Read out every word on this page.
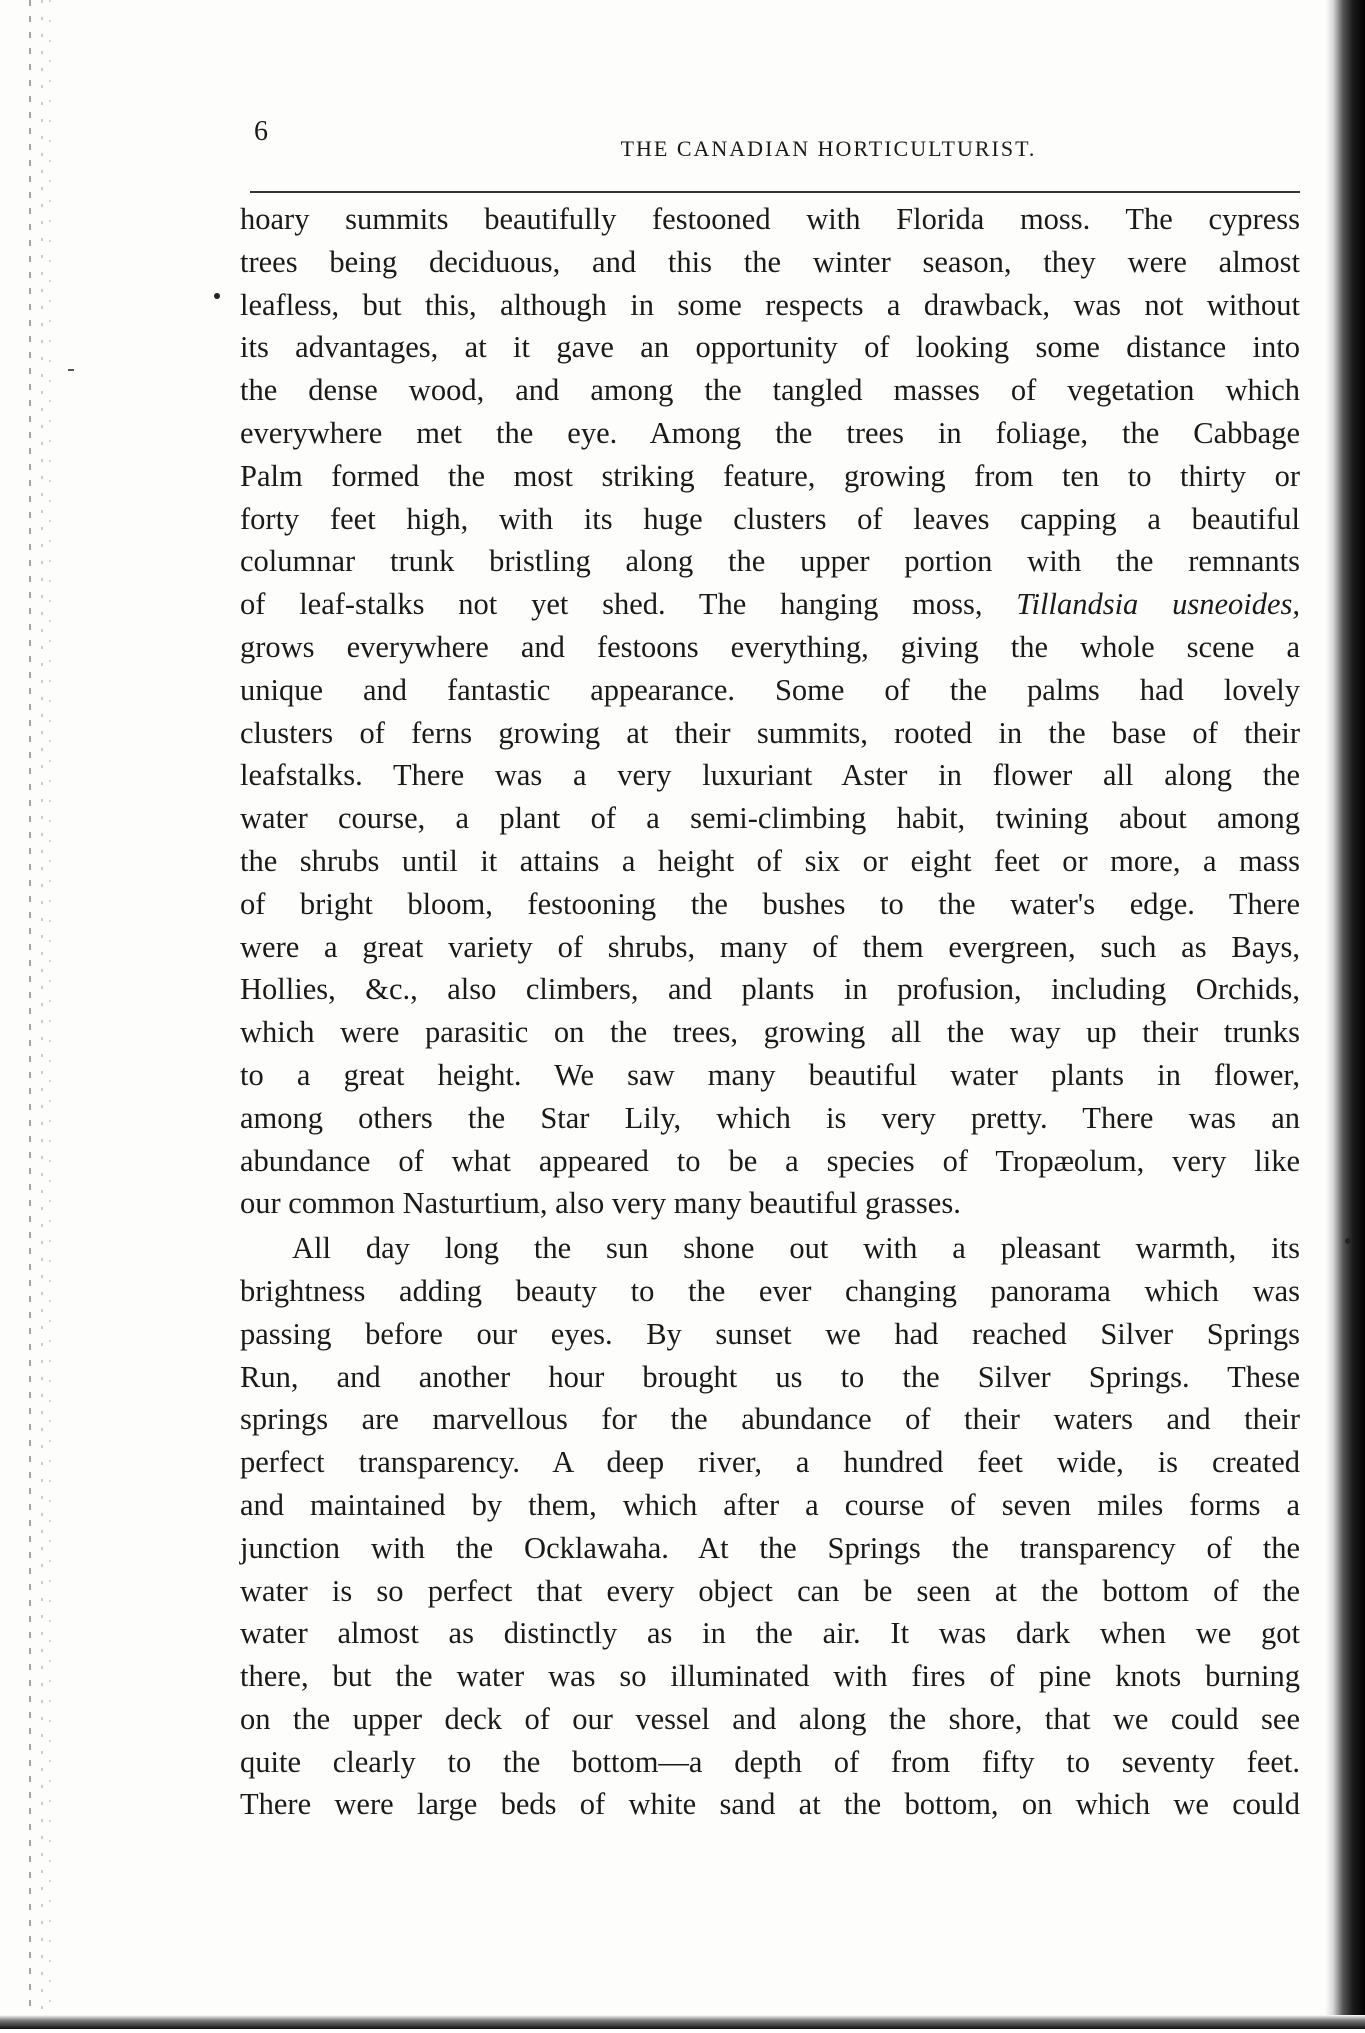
6
THE CANADIAN HORTICULTURIST.

hoary summits beautifully festooned with Florida moss. The cypress
trees being deciduous, and this the winter season, they were almost
leafless, but this, although in some respects a drawback, was not without
its advantages, at it gave an opportunity of looking some distance into
the dense wood, and among the tangled masses of vegetation which
everywhere met the eye. Among the trees in foliage, the Cabbage
Palm formed the most striking feature, growing from ten to thirty or
forty feet high, with its huge clusters of leaves capping a beautiful
columnar trunk bristling along the upper portion with the remnants
of leaf-stalks not yet shed. The hanging moss, Tillandsia usneoides,
grows everywhere and festoons everything, giving the whole scene a
unique and fantastic appearance. Some of the palms had lovely
clusters of ferns growing at their summits, rooted in the base of their
leafstalks. There was a very luxuriant Aster in flower all along the
water course, a plant of a semi-climbing habit, twining about among
the shrubs until it attains a height of six or eight feet or more, a mass
of bright bloom, festooning the bushes to the water's edge. There
were a great variety of shrubs, many of them evergreen, such as Bays,
Hollies, &c., also climbers, and plants in profusion, including Orchids,
which were parasitic on the trees, growing all the way up their trunks
to a great height. We saw many beautiful water plants in flower,
among others the Star Lily, which is very pretty. There was an
abundance of what appeared to be a species of Tropæolum, very like
our common Nasturtium, also very many beautiful grasses.

All day long the sun shone out with a pleasant warmth, its
brightness adding beauty to the ever changing panorama which was
passing before our eyes. By sunset we had reached Silver Springs
Run, and another hour brought us to the Silver Springs. These
springs are marvellous for the abundance of their waters and their
perfect transparency. A deep river, a hundred feet wide, is created
and maintained by them, which after a course of seven miles forms a
junction with the Ocklawaha. At the Springs the transparency of the
water is so perfect that every object can be seen at the bottom of the
water almost as distinctly as in the air. It was dark when we got
there, but the water was so illuminated with fires of pine knots burning
on the upper deck of our vessel and along the shore, that we could see
quite clearly to the bottom—a depth of from fifty to seventy feet.
There were large beds of white sand at the bottom, on which we could
